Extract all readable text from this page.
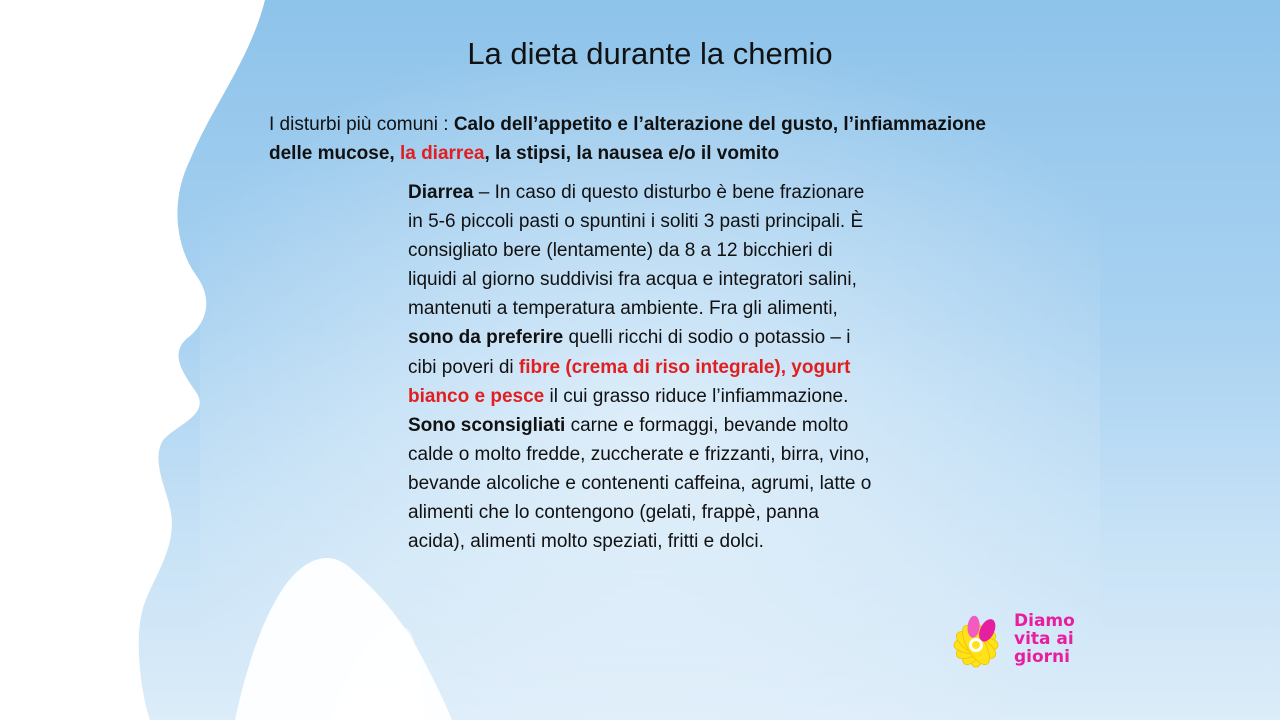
La dieta durante la chemio
I disturbi più comuni : Calo dell’appetito e l’alterazione del gusto, l’infiammazione delle mucose, la diarrea, la stipsi, la nausea e/o il vomito
Diarrea – In caso di questo disturbo è bene frazionare in 5-6 piccoli pasti o spuntini i soliti 3 pasti principali. È consigliato bere (lentamente) da 8 a 12 bicchieri di liquidi al giorno suddivisi fra acqua e integratori salini, mantenuti a temperatura ambiente. Fra gli alimenti, sono da preferire quelli ricchi di sodio o potassio – i cibi poveri di fibre (crema di riso integrale), yogurt bianco e pesce il cui grasso riduce l’infiammazione. Sono sconsigliati carne e formaggi, bevande molto calde o molto fredde, zuccherate e frizzanti, birra, vino, bevande alcoliche e contenenti caffeina, agrumi, latte o alimenti che lo contengono (gelati, frappè, panna acida), alimenti molto speziati, fritti e dolci.
Diamo
vita ai
giorni
